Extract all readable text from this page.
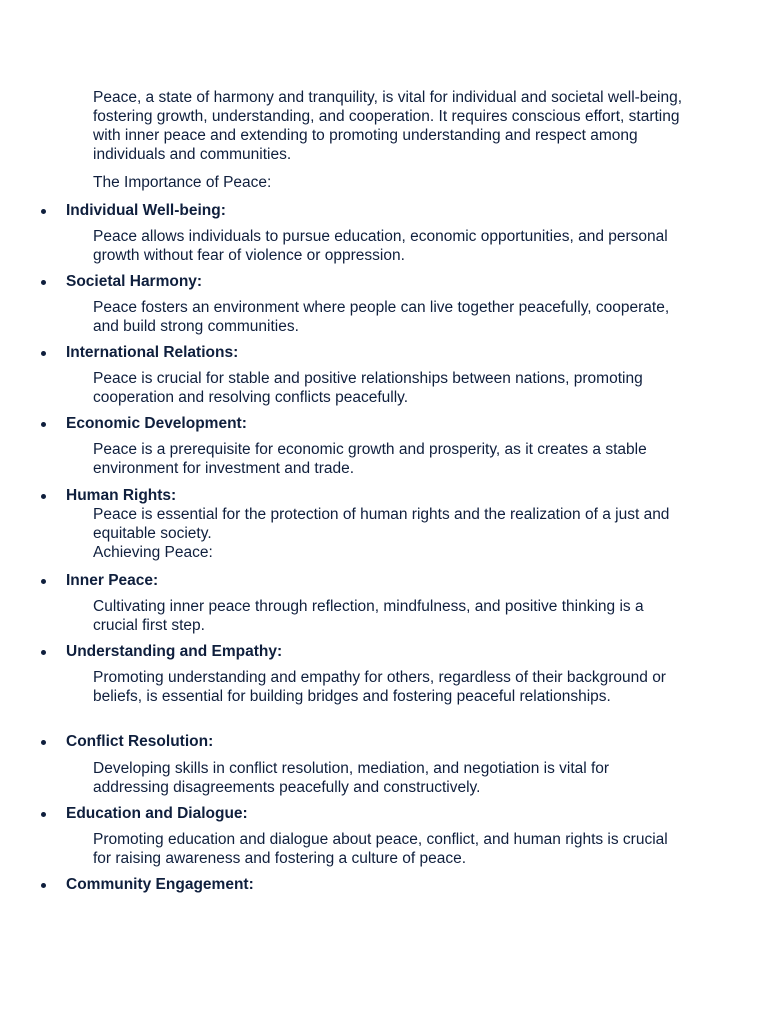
Peace, a state of harmony and tranquility, is vital for individual and societal well-being, fostering growth, understanding, and cooperation. It requires conscious effort, starting with inner peace and extending to promoting understanding and respect among individuals and communities.

The Importance of Peace:

Individual Well-being:

Peace allows individuals to pursue education, economic opportunities, and personal growth without fear of violence or oppression.

Societal Harmony:

Peace fosters an environment where people can live together peacefully, cooperate, and build strong communities.

International Relations:

Peace is crucial for stable and positive relationships between nations, promoting cooperation and resolving conflicts peacefully.

Economic Development:

Peace is a prerequisite for economic growth and prosperity, as it creates a stable environment for investment and trade.

Human Rights:

Peace is essential for the protection of human rights and the realization of a just and equitable society.

Achieving Peace:

Inner Peace:

Cultivating inner peace through reflection, mindfulness, and positive thinking is a crucial first step.

Understanding and Empathy:

Promoting understanding and empathy for others, regardless of their background or beliefs, is essential for building bridges and fostering peaceful relationships.

Conflict Resolution:

Developing skills in conflict resolution, mediation, and negotiation is vital for addressing disagreements peacefully and constructively.

Education and Dialogue:

Promoting education and dialogue about peace, conflict, and human rights is crucial for raising awareness and fostering a culture of peace.

Community Engagement:
